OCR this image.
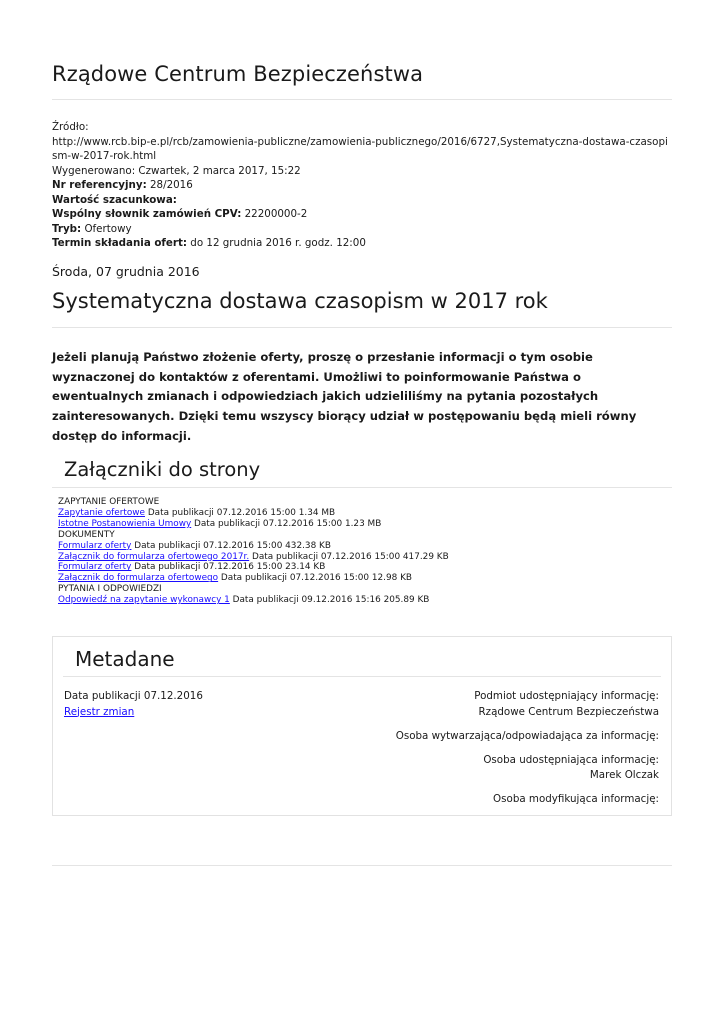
Rządowe Centrum Bezpieczeństwa
Źródło:
http://www.rcb.bip-e.pl/rcb/zamowienia-publiczne/zamowienia-publicznego/2016/6727,Systematyczna-dostawa-czasopism-w-2017-rok.html
Wygenerowano: Czwartek, 2 marca 2017, 15:22
Nr referencyjny: 28/2016
Wartość szacunkowa:
Wspólny słownik zamówień CPV: 22200000-2
Tryb: Ofertowy
Termin składania ofert: do 12 grudnia 2016 r. godz. 12:00
Środa, 07 grudnia 2016
Systematyczna dostawa czasopism w 2017 rok
Jeżeli planują Państwo złożenie oferty, proszę o przesłanie informacji o tym osobie wyznaczonej do kontaktów z oferentami. Umożliwi to poinformowanie Państwa o ewentualnych zmianach i odpowiedziach jakich udzieliliśmy na pytania pozostałych zainteresowanych. Dzięki temu wszyscy biorący udział w postępowaniu będą mieli równy dostęp do informacji.
Załączniki do strony
ZAPYTANIE OFERTOWE
Zapytanie ofertowe Data publikacji 07.12.2016 15:00 1.34 MB
Istotne Postanowienia Umowy Data publikacji 07.12.2016 15:00 1.23 MB
DOKUMENTY
Formularz oferty Data publikacji 07.12.2016 15:00 432.38 KB
Załącznik do formularza ofertowego 2017r. Data publikacji 07.12.2016 15:00 417.29 KB
Formularz oferty Data publikacji 07.12.2016 15:00 23.14 KB
Załącznik do formularza ofertowego Data publikacji 07.12.2016 15:00 12.98 KB
PYTANIA I ODPOWIEDZI
Odpowiedź na zapytanie wykonawcy 1 Data publikacji 09.12.2016 15:16 205.89 KB
Metadane
Data publikacji 07.12.2016
Rejestr zmian
Podmiot udostępniający informację:
Rządowe Centrum Bezpieczeństwa
Osoba wytwarzająca/odpowiadająca za informację:
Osoba udostępniająca informację:
Marek Olczak
Osoba modyfikująca informację:
